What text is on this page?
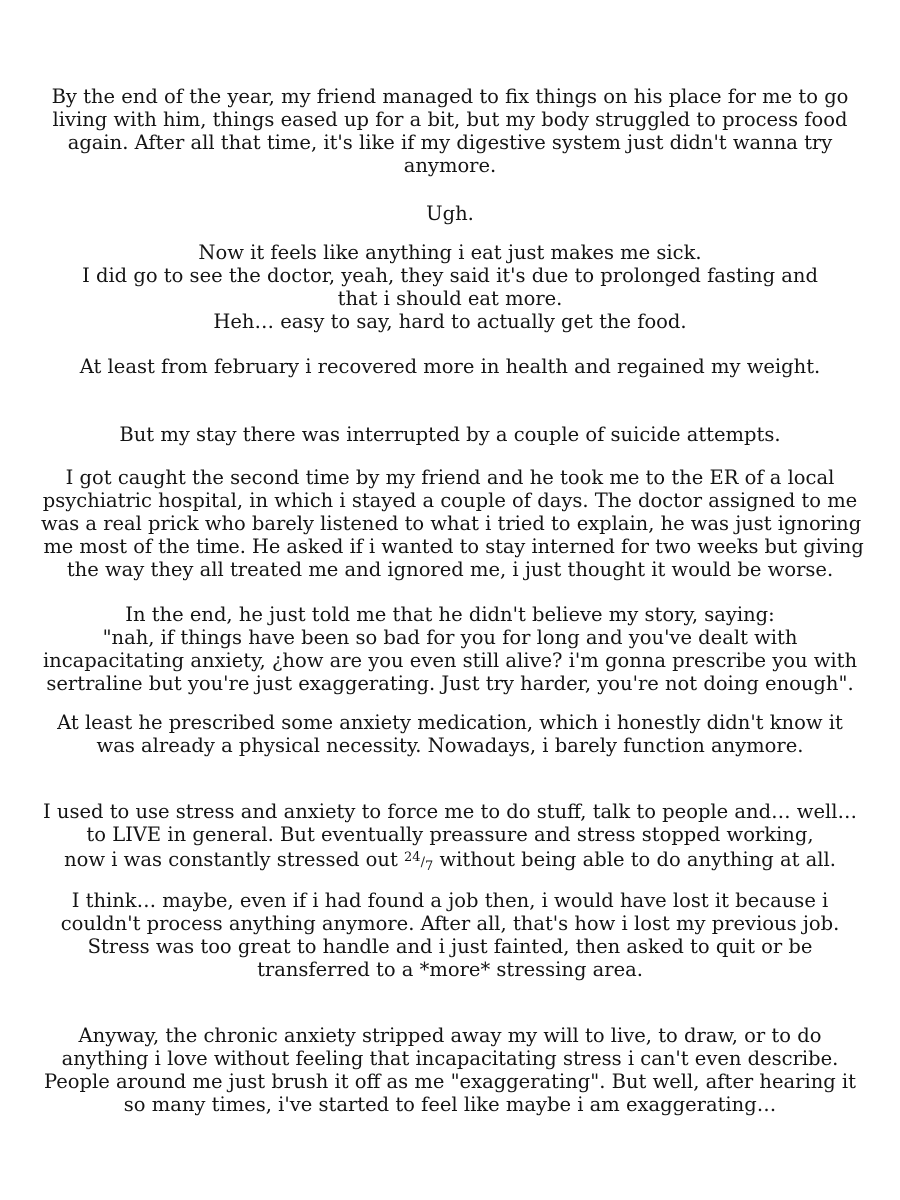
By the end of the year, my friend managed to fix things on his place for me to go
living with him, things eased up for a bit, but my body struggled to process food
again. After all that time, it's like if my digestive system just didn't wanna try
anymore.
Ugh.
Now it feels like anything i eat just makes me sick.
I did go to see the doctor, yeah, they said it's due to prolonged fasting and
that i should eat more.
Heh… easy to say, hard to actually get the food.
At least from february i recovered more in health and regained my weight.
But my stay there was interrupted by a couple of suicide attempts.
I got caught the second time by my friend and he took me to the ER of a local
psychiatric hospital, in which i stayed a couple of days. The doctor assigned to me
was a real prick who barely listened to what i tried to explain, he was just ignoring
me most of the time. He asked if i wanted to stay interned for two weeks but giving
the way they all treated me and ignored me, i just thought it would be worse.
In the end, he just told me that he didn't believe my story, saying:
"nah, if things have been so bad for you for long and you've dealt with
incapacitating anxiety, ¿how are you even still alive? i'm gonna prescribe you with
sertraline but you're just exaggerating. Just try harder, you're not doing enough".
At least he prescribed some anxiety medication, which i honestly didn't know it
was already a physical necessity. Nowadays, i barely function anymore.
I used to use stress and anxiety to force me to do stuff, talk to people and… well…
to LIVE in general. But eventually preassure and stress stopped working,
now i was constantly stressed out 24/7 without being able to do anything at all.
I think… maybe, even if i had found a job then, i would have lost it because i
couldn't process anything anymore. After all, that's how i lost my previous job.
Stress was too great to handle and i just fainted, then asked to quit or be
transferred to a *more* stressing area.
Anyway, the chronic anxiety stripped away my will to live, to draw, or to do
anything i love without feeling that incapacitating stress i can't even describe.
People around me just brush it off as me "exaggerating". But well, after hearing it
so many times, i've started to feel like maybe i am exaggerating…
